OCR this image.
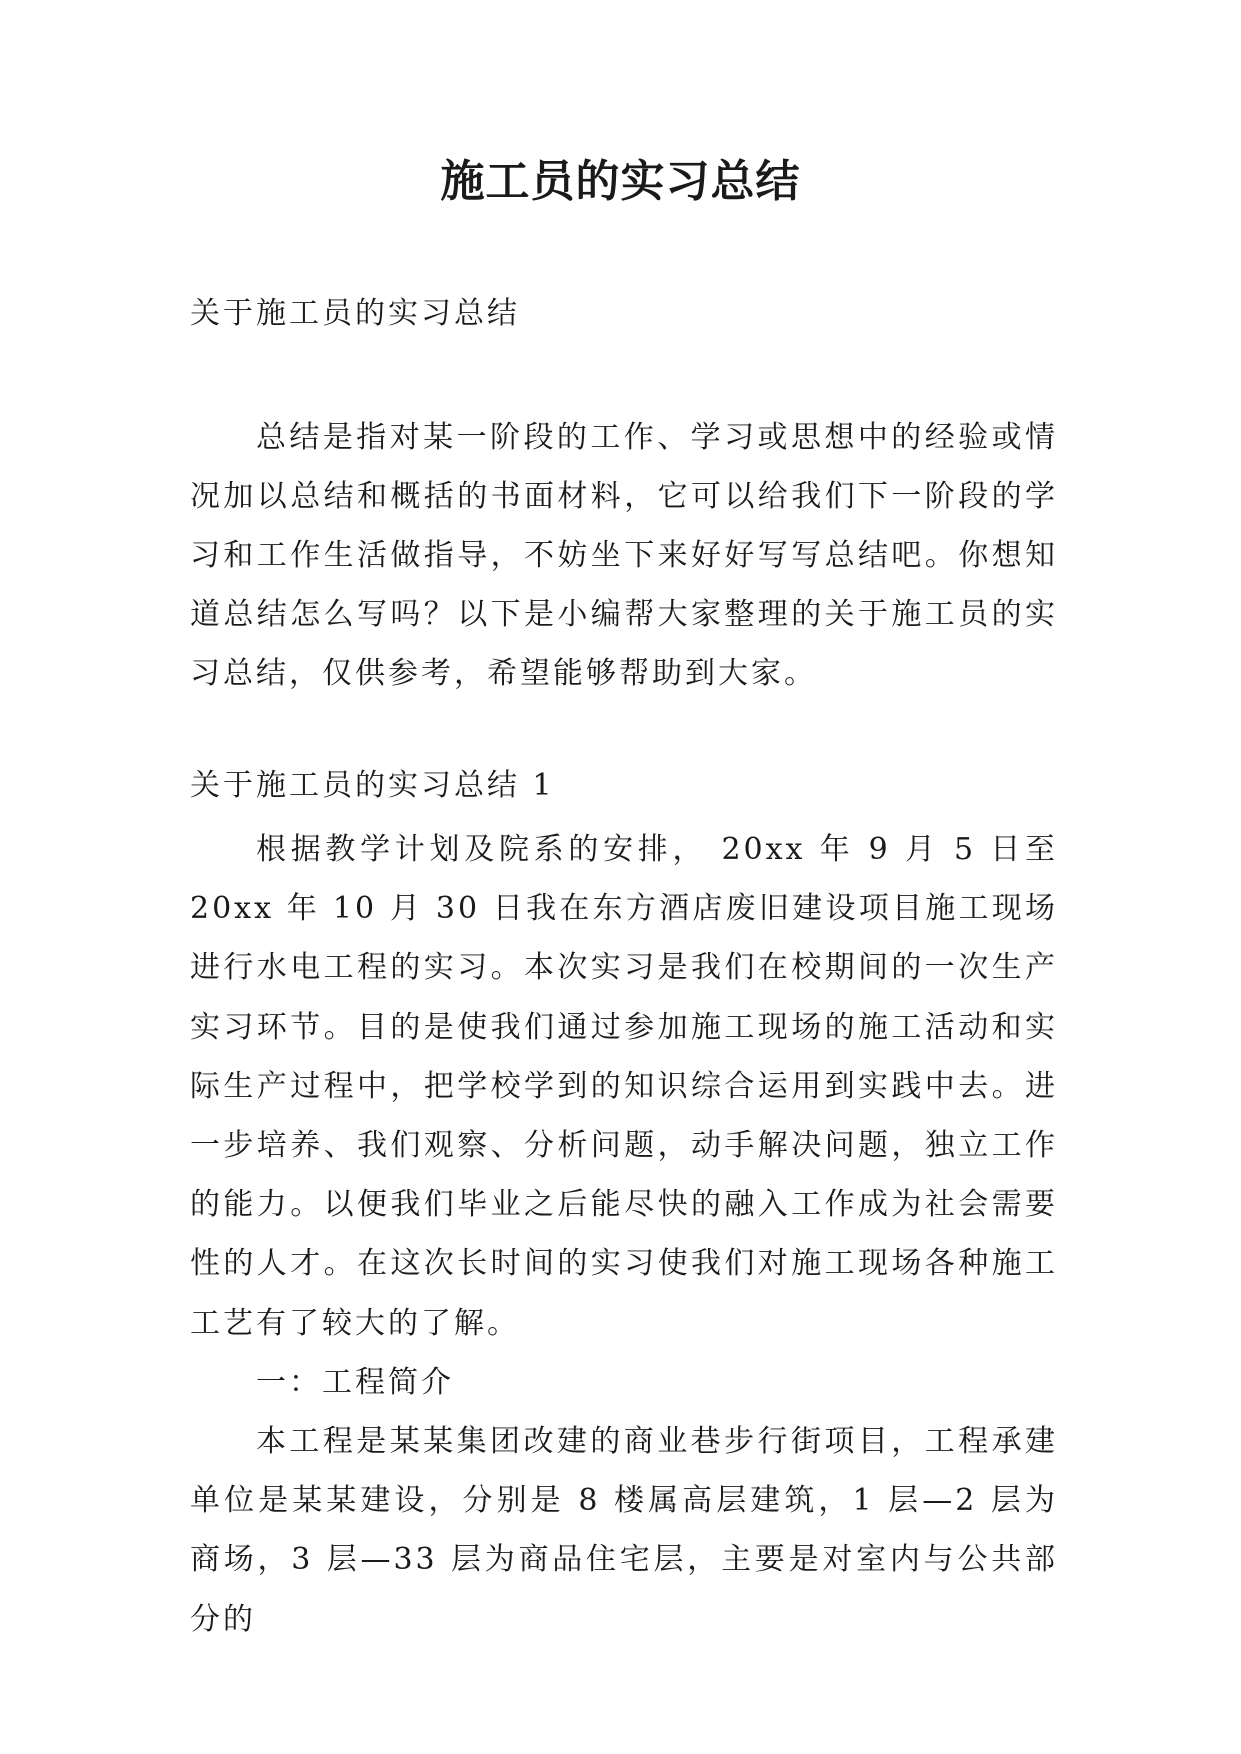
施工员的实习总结

关于施工员的实习总结

总结是指对某一阶段的工作、学习或思想中的经验或情况加以总结和概括的书面材料，它可以给我们下一阶段的学习和工作生活做指导，不妨坐下来好好写写总结吧。你想知道总结怎么写吗？以下是小编帮大家整理的关于施工员的实习总结，仅供参考，希望能够帮助到大家。

关于施工员的实习总结 1

根据教学计划及院系的安排， 20xx 年 9 月 5 日至 20xx 年 10 月 30 日我在东方酒店废旧建设项目施工现场进行水电工程的实习。本次实习是我们在校期间的一次生产实习环节。目的是使我们通过参加施工现场的施工活动和实际生产过程中，把学校学到的知识综合运用到实践中去。进一步培养、我们观察、分析问题，动手解决问题，独立工作的能力。以便我们毕业之后能尽快的融入工作成为社会需要性的人才。在这次长时间的实习使我们对施工现场各种施工工艺有了较大的了解。

一：工程简介

本工程是某某集团改建的商业巷步行街项目，工程承建单位是某某建设，分别是 8 楼属高层建筑，1 层—2 层为商场，3 层—33 层为商品住宅层，主要是对室内与公共部分的
